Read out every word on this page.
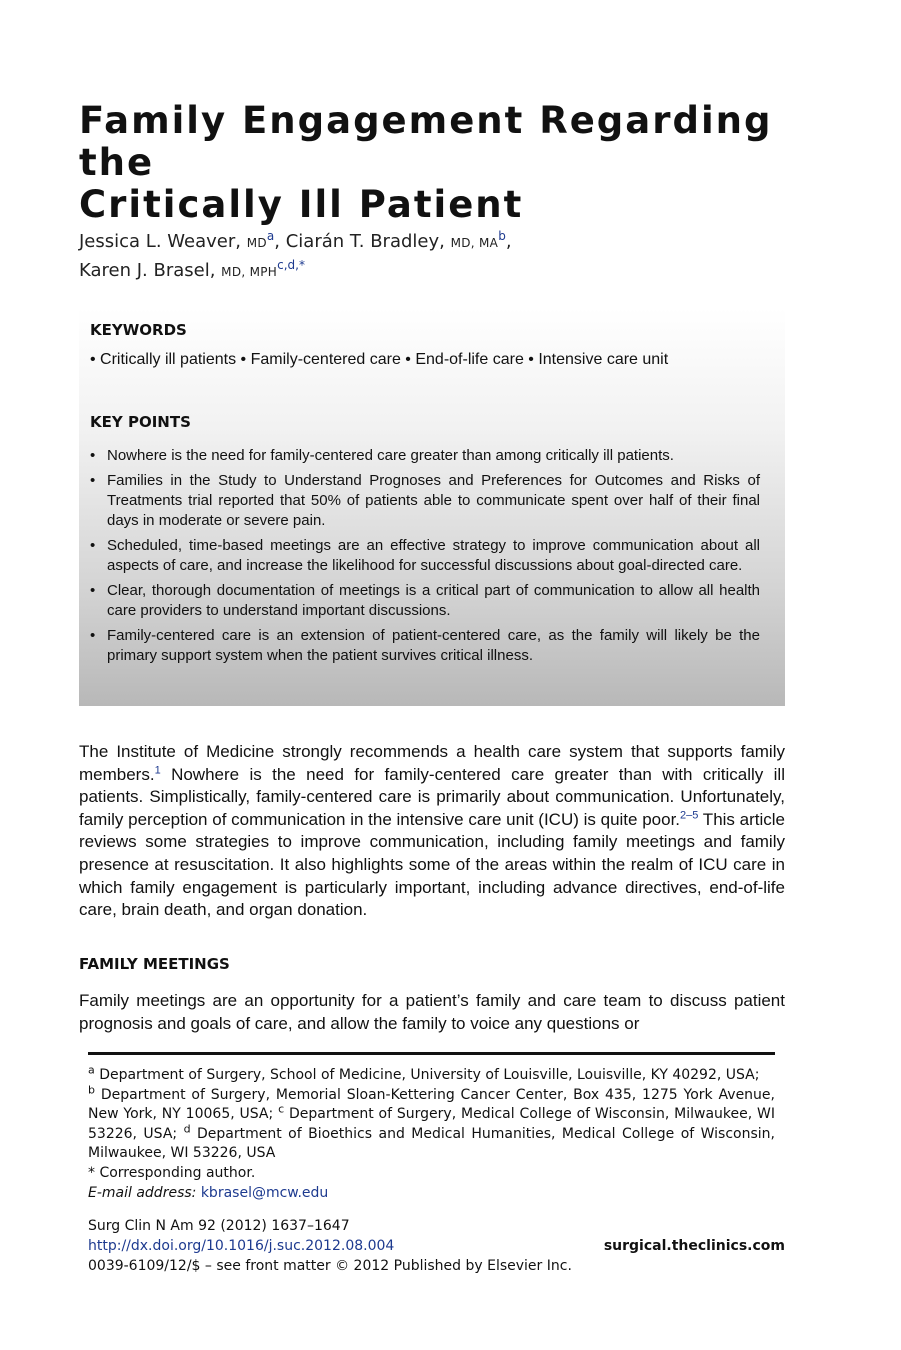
Family Engagement Regarding the
Critically Ill Patient
Jessica L. Weaver, $MD^a$, Ciarán T. Bradley, MD, $MA^b$,
Karen J. Brasel, MD, $MPH^{c,d,*}$
KEYWORDS
• Critically ill patients • Family-centered care • End-of-life care • Intensive care unit
KEY POINTS
• Nowhere is the need for family-centered care greater than among critically ill patients.
• Families in the Study to Understand Prognoses and Preferences for Outcomes and Risks of Treatments trial reported that 50% of patients able to communicate spent over half of their final days in moderate or severe pain.
• Scheduled, time-based meetings are an effective strategy to improve communication about all aspects of care, and increase the likelihood for successful discussions about goal-directed care.
• Clear, thorough documentation of meetings is a critical part of communication to allow all health care providers to understand important discussions.
• Family-centered care is an extension of patient-centered care, as the family will likely be the primary support system when the patient survives critical illness.

The Institute of Medicine strongly recommends a health care system that supports family members.$^1$ Nowhere is the need for family-centered care greater than with critically ill patients. Simplistically, family-centered care is primarily about communication. Unfortunately, family perception of communication in the intensive care unit (ICU) is quite poor.$^{2-5}$ This article reviews some strategies to improve communication, including family meetings and family presence at resuscitation. It also highlights some of the areas within the realm of ICU care in which family engagement is particularly important, including advance directives, end-of-life care, brain death, and organ donation.

FAMILY MEETINGS

Family meetings are an opportunity for a patient’s family and care team to discuss patient prognosis and goals of care, and allow the family to voice any questions or

$^a$ Department of Surgery, School of Medicine, University of Louisville, Louisville, KY 40292, USA;
$^b$ Department of Surgery, Memorial Sloan-Kettering Cancer Center, Box 435, 1275 York Avenue, New York, NY 10065, USA; $^c$ Department of Surgery, Medical College of Wisconsin, Milwaukee, WI 53226, USA; $^d$ Department of Bioethics and Medical Humanities, Medical College of Wisconsin, Milwaukee, WI 53226, USA

* Corresponding author.

E-mail address: kbrasel@mcw.edu

Surg Clin N Am 92 (2012) 1637–1647
http://dx.doi.org/10.1016/j.suc.2012.08.004
0039-6109/12/$ – see front matter © 2012 Published by Elsevier Inc.
surgical.theclinics.com
